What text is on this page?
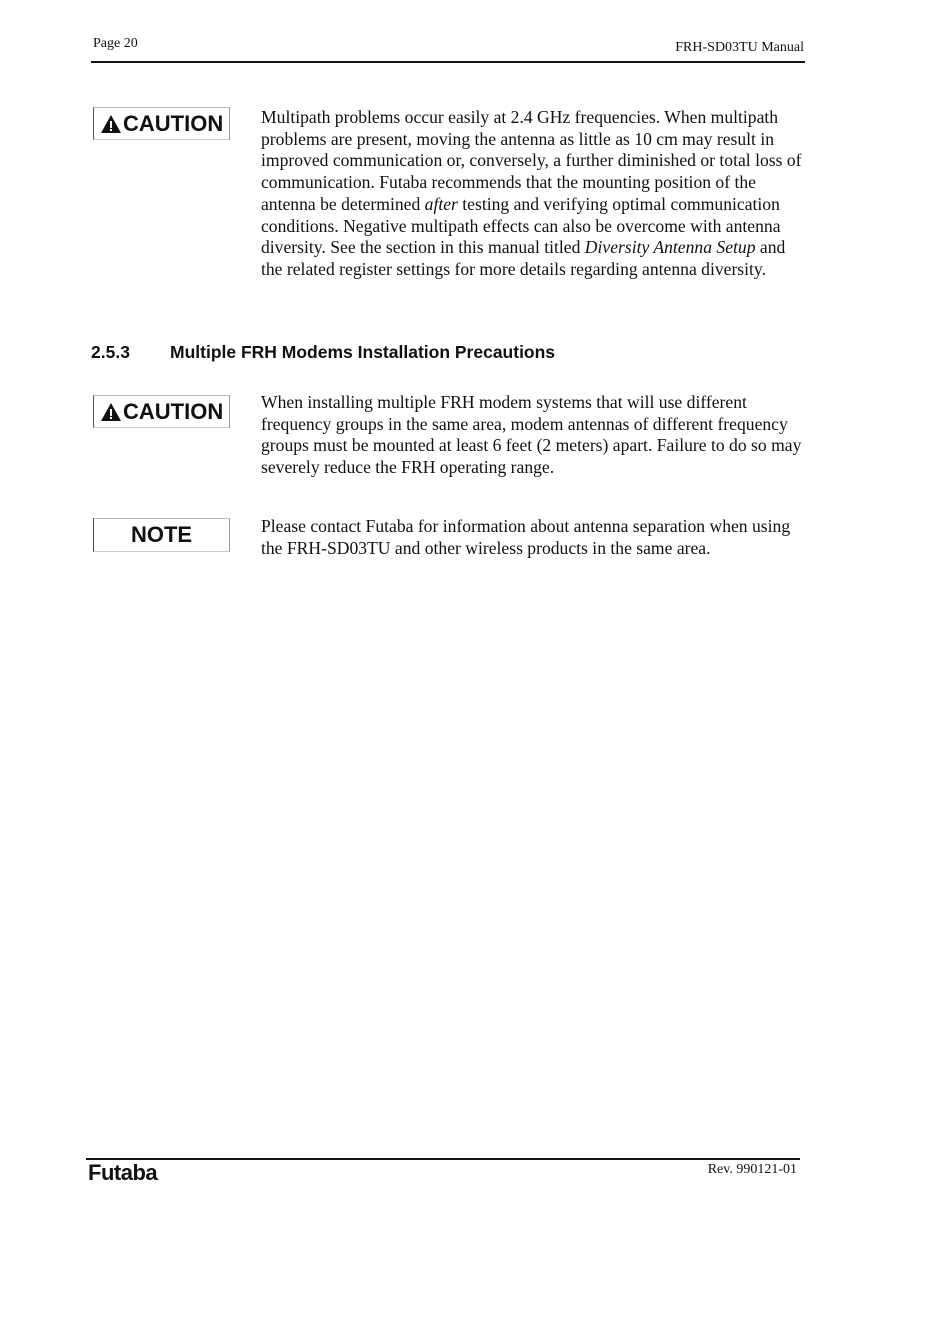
Page 20	FRH-SD03TU Manual
CAUTION Multipath problems occur easily at 2.4 GHz frequencies. When multipath problems are present, moving the antenna as little as 10 cm may result in improved communication or, conversely, a further diminished or total loss of communication. Futaba recommends that the mounting position of the antenna be determined after testing and verifying optimal communication conditions. Negative multipath effects can also be overcome with antenna diversity. See the section in this manual titled Diversity Antenna Setup and the related register settings for more details regarding antenna diversity.
2.5.3 Multiple FRH Modems Installation Precautions
CAUTION When installing multiple FRH modem systems that will use different frequency groups in the same area, modem antennas of different frequency groups must be mounted at least 6 feet (2 meters) apart. Failure to do so may severely reduce the FRH operating range.
NOTE	Please contact Futaba for information about antenna separation when using the FRH-SD03TU and other wireless products in the same area.
Futaba.
Rev. 990121-01
